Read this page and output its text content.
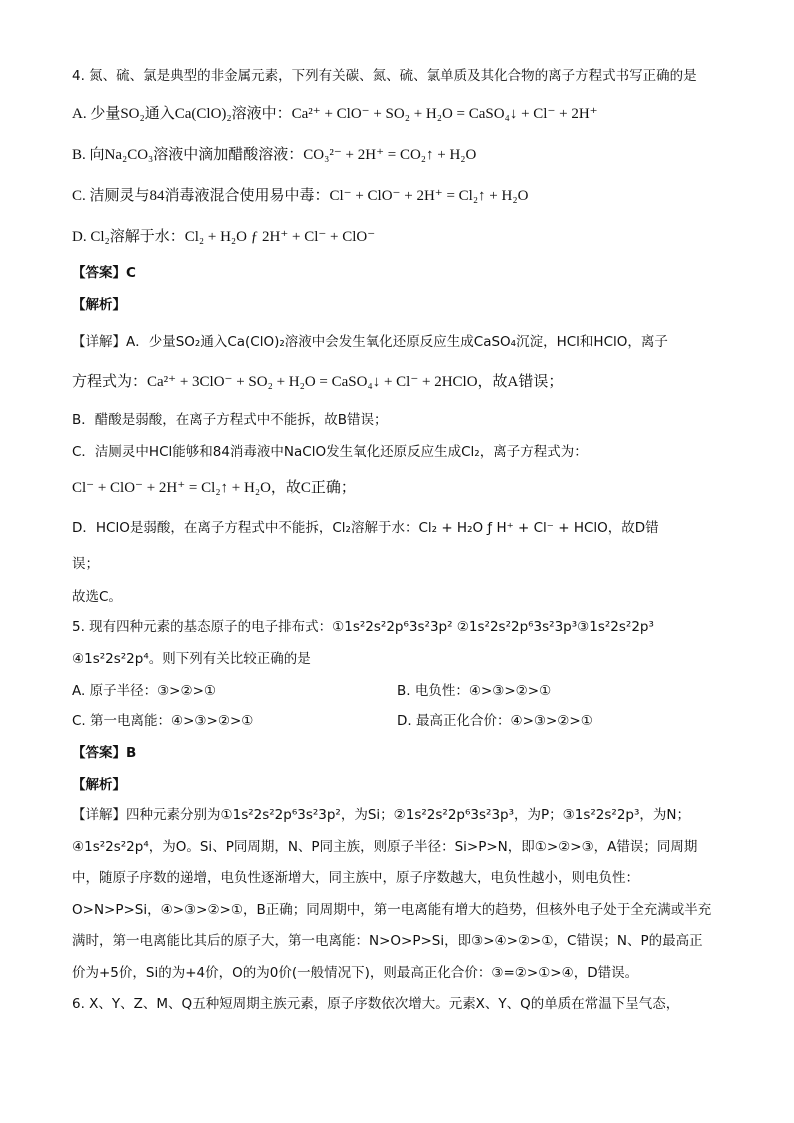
4. 氮、硫、氯是典型的非金属元素，下列有关碳、氮、硫、氯单质及其化合物的离子方程式书写正确的是
A. 少量SO₂通入Ca(ClO)₂溶液中：Ca²⁺ + ClO⁻ + SO₂ + H₂O = CaSO₄↓ + Cl⁻ + 2H⁺
B. 向Na₂CO₃溶液中滴加醋酸溶液：CO₃²⁻ + 2H⁺ = CO₂↑ + H₂O
C. 洁厕灵与84消毒液混合使用易中毒：Cl⁻ + ClO⁻ + 2H⁺ = Cl₂↑ + H₂O
D. Cl₂溶解于水：Cl₂ + H₂O ƒ 2H⁺ + Cl⁻ + ClO⁻
【答案】C
【解析】
【详解】A．少量SO₂通入Ca(ClO)₂溶液中会发生氧化还原反应生成CaSO₄沉淀，HCl和HClO，离子
方程式为：Ca²⁺ + 3ClO⁻ + SO₂ + H₂O = CaSO₄↓ + Cl⁻ + 2HClO，故A错误；
B．醋酸是弱酸，在离子方程式中不能拆，故B错误；
C．洁厕灵中HCl能够和84消毒液中NaClO发生氧化还原反应生成Cl₂，离子方程式为：
Cl⁻ + ClO⁻ + 2H⁺ = Cl₂↑ + H₂O，故C正确；
D．HClO是弱酸，在离子方程式中不能拆，Cl₂溶解于水：Cl₂ + H₂O ƒ H⁺ + Cl⁻ + HClO，故D错
误；
故选C。
5. 现有四种元素的基态原子的电子排布式：①1s²2s²2p⁶3s²3p² ②1s²2s²2p⁶3s²3p³③1s²2s²2p³
④1s²2s²2p⁴。则下列有关比较正确的是
A. 原子半径：③>②>①	B. 电负性：④>③>②>①
C. 第一电离能：④>③>②>①	D. 最高正化合价：④>③>②>①
【答案】B
【解析】
【详解】四种元素分别为①1s²2s²2p⁶3s²3p²，为Si；②1s²2s²2p⁶3s²3p³，为P；③1s²2s²2p³，为N；
④1s²2s²2p⁴，为O。Si、P同周期，N、P同主族，则原子半径：Si>P>N，即①>②>③，A错误；同周期
中，随原子序数的递增，电负性逐渐增大，同主族中，原子序数越大，电负性越小，则电负性：
O>N>P>Si，④>③>②>①，B正确；同周期中，第一电离能有增大的趋势，但核外电子处于全充满或半充
满时，第一电离能比其后的原子大，第一电离能：N>O>P>Si，即③>④>②>①，C错误；N、P的最高正
价为+5价，Si的为+4价，O的为0价(一般情况下)，则最高正化合价：③=②>①>④，D错误。
6. X、Y、Z、M、Q五种短周期主族元素，原子序数依次增大。元素X、Y、Q的单质在常温下呈气态，
